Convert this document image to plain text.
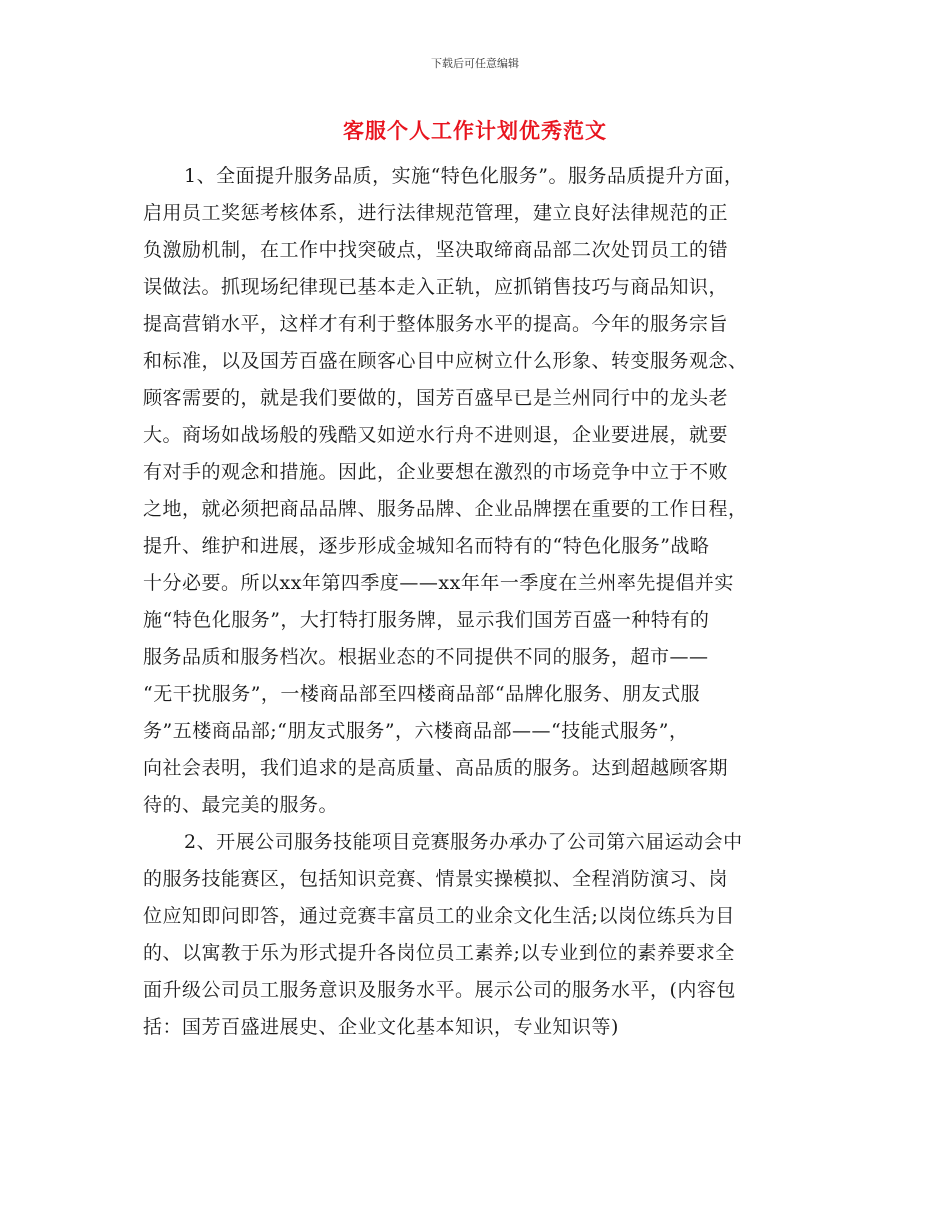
下载后可任意编辑
客服个人工作计划优秀范文
1、全面提升服务品质，实施“特色化服务”。服务品质提升方面，
启用员工奖惩考核体系，进行法律规范管理，建立良好法律规范的正
负激励机制，在工作中找突破点，坚决取缔商品部二次处罚员工的错
误做法。抓现场纪律现已基本走入正轨，应抓销售技巧与商品知识，
提高营销水平，这样才有利于整体服务水平的提高。今年的服务宗旨
和标准，以及国芳百盛在顾客心目中应树立什么形象、转变服务观念、
顾客需要的，就是我们要做的，国芳百盛早已是兰州同行中的龙头老
大。商场如战场般的残酷又如逆水行舟不进则退，企业要进展，就要
有对手的观念和措施。因此，企业要想在激烈的市场竞争中立于不败
之地，就必须把商品品牌、服务品牌、企业品牌摆在重要的工作日程，
提升、维护和进展，逐步形成金城知名而特有的“特色化服务”战略
十分必要。所以xx年第四季度——xx年年一季度在兰州率先提倡并实
施“特色化服务”，大打特打服务牌，显示我们国芳百盛一种特有的
服务品质和服务档次。根据业态的不同提供不同的服务，超市——
“无干扰服务”，一楼商品部至四楼商品部“品牌化服务、朋友式服
务”五楼商品部;“朋友式服务”，六楼商品部——“技能式服务”，
向社会表明，我们追求的是高质量、高品质的服务。达到超越顾客期
待的、最完美的服务。
2、开展公司服务技能项目竞赛服务办承办了公司第六届运动会中
的服务技能赛区，包括知识竞赛、情景实操模拟、全程消防演习、岗
位应知即问即答，通过竞赛丰富员工的业余文化生活;以岗位练兵为目
的、以寓教于乐为形式提升各岗位员工素养;以专业到位的素养要求全
面升级公司员工服务意识及服务水平。展示公司的服务水平，(内容包
括：国芳百盛进展史、企业文化基本知识，专业知识等)
